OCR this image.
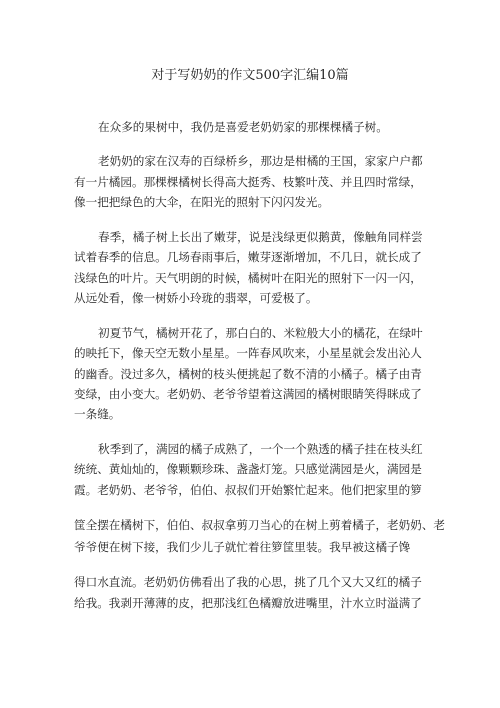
对于写奶奶的作文500字汇编10篇
在众多的果树中，我仍是喜爱老奶奶家的那棵棵橘子树。
老奶奶的家在汉寿的百绿桥乡，那边是柑橘的王国，家家户户都
有一片橘园。那棵棵橘树长得高大挺秀、枝繁叶茂、并且四时常绿，
像一把把绿色的大伞，在阳光的照射下闪闪发光。
春季，橘子树上长出了嫩芽，说是浅绿更似鹅黄，像触角同样尝
试着春季的信息。几场春雨事后，嫩芽逐渐增加，不几日，就长成了
浅绿色的叶片。天气明朗的时候，橘树叶在阳光的照射下一闪一闪，
从远处看，像一树娇小玲珑的翡翠，可爱极了。
初夏节气，橘树开花了，那白白的、米粒般大小的橘花，在绿叶
的映托下，像天空无数小星星。一阵春风吹来，小星星就会发出沁人
的幽香。没过多久，橘树的枝头便挑起了数不清的小橘子。橘子由青
变绿，由小变大。老奶奶、老爷爷望着这满园的橘树眼睛笑得眯成了
一条缝。
秋季到了，满园的橘子成熟了，一个一个熟透的橘子挂在枝头红
统统、黄灿灿的，像颗颗珍珠、盏盏灯笼。只感觉满园是火，满园是
霞。老奶奶、老爷爷，伯伯、叔叔们开始繁忙起来。他们把家里的箩
筐全摆在橘树下，伯伯、叔叔拿剪刀当心的在树上剪着橘子，老奶奶、老
爷爷便在树下接，我们少儿子就忙着往箩筐里装。我早被这橘子馋
得口水直流。老奶奶仿佛看出了我的心思，挑了几个又大又红的橘子
给我。我剥开薄薄的皮，把那浅红色橘瓣放进嘴里，汁水立时溢满了
